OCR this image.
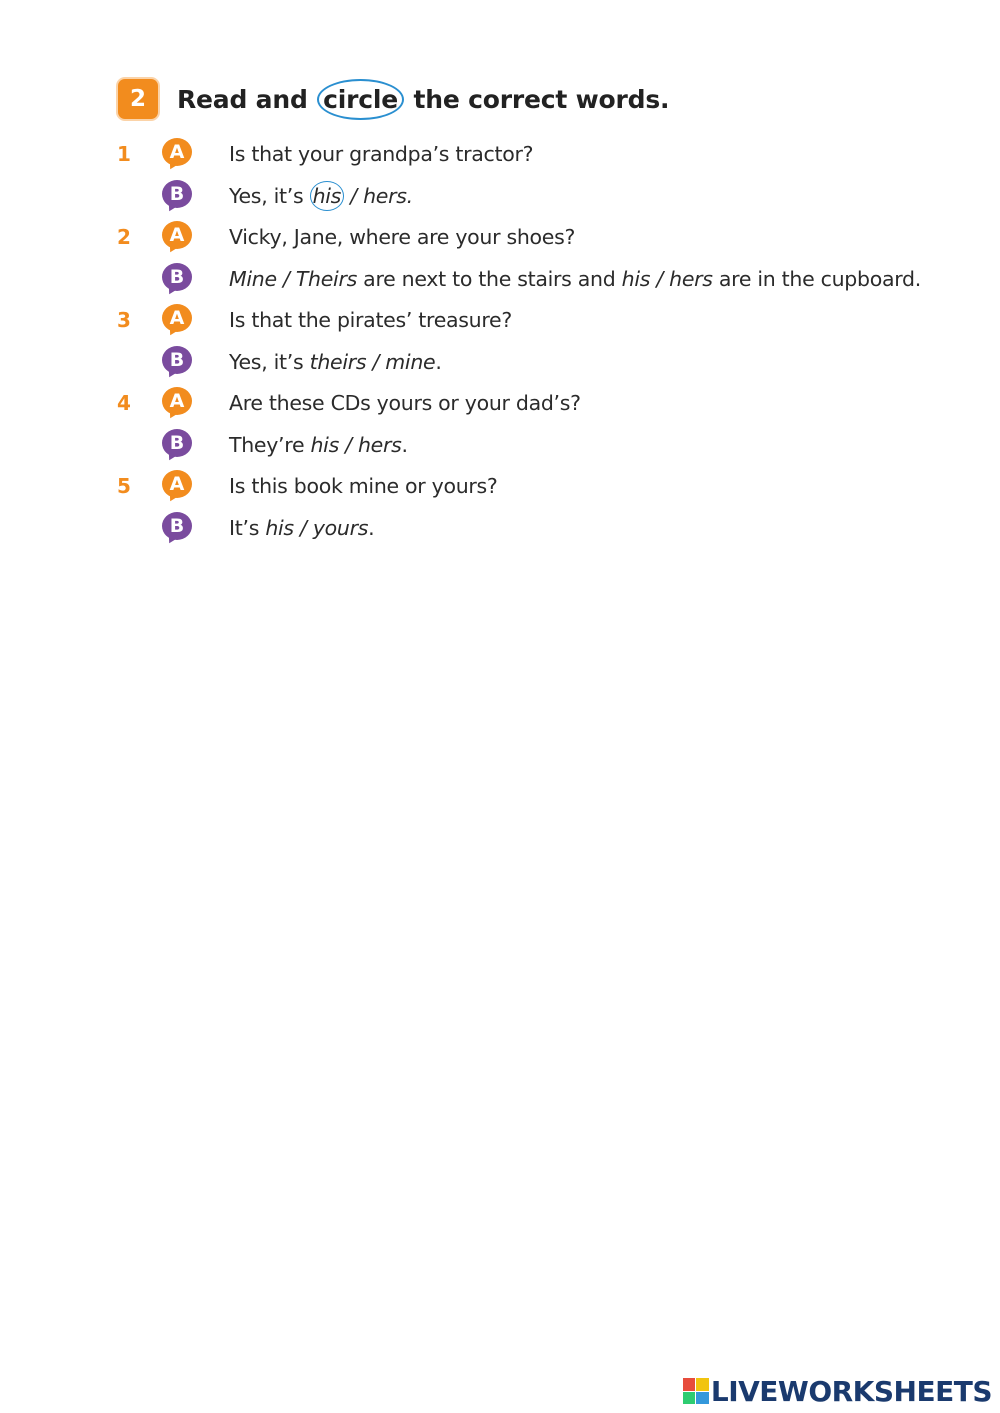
2	Read and circle the correct words.
1	A	Is that your grandpa’s tractor?
B	Yes, it’s his / hers.
2	A	Vicky, Jane, where are your shoes?
B	Mine / Theirs are next to the stairs and his / hers are in the cupboard.
3	A	Is that the pirates’ treasure?
B	Yes, it’s theirs / mine .
4	A	Are these CDs yours or your dad’s?
B	They’re his / hers .
5	A	Is this book mine or yours?
B	It’s his / yours .
LIVEWORKSHEETS
